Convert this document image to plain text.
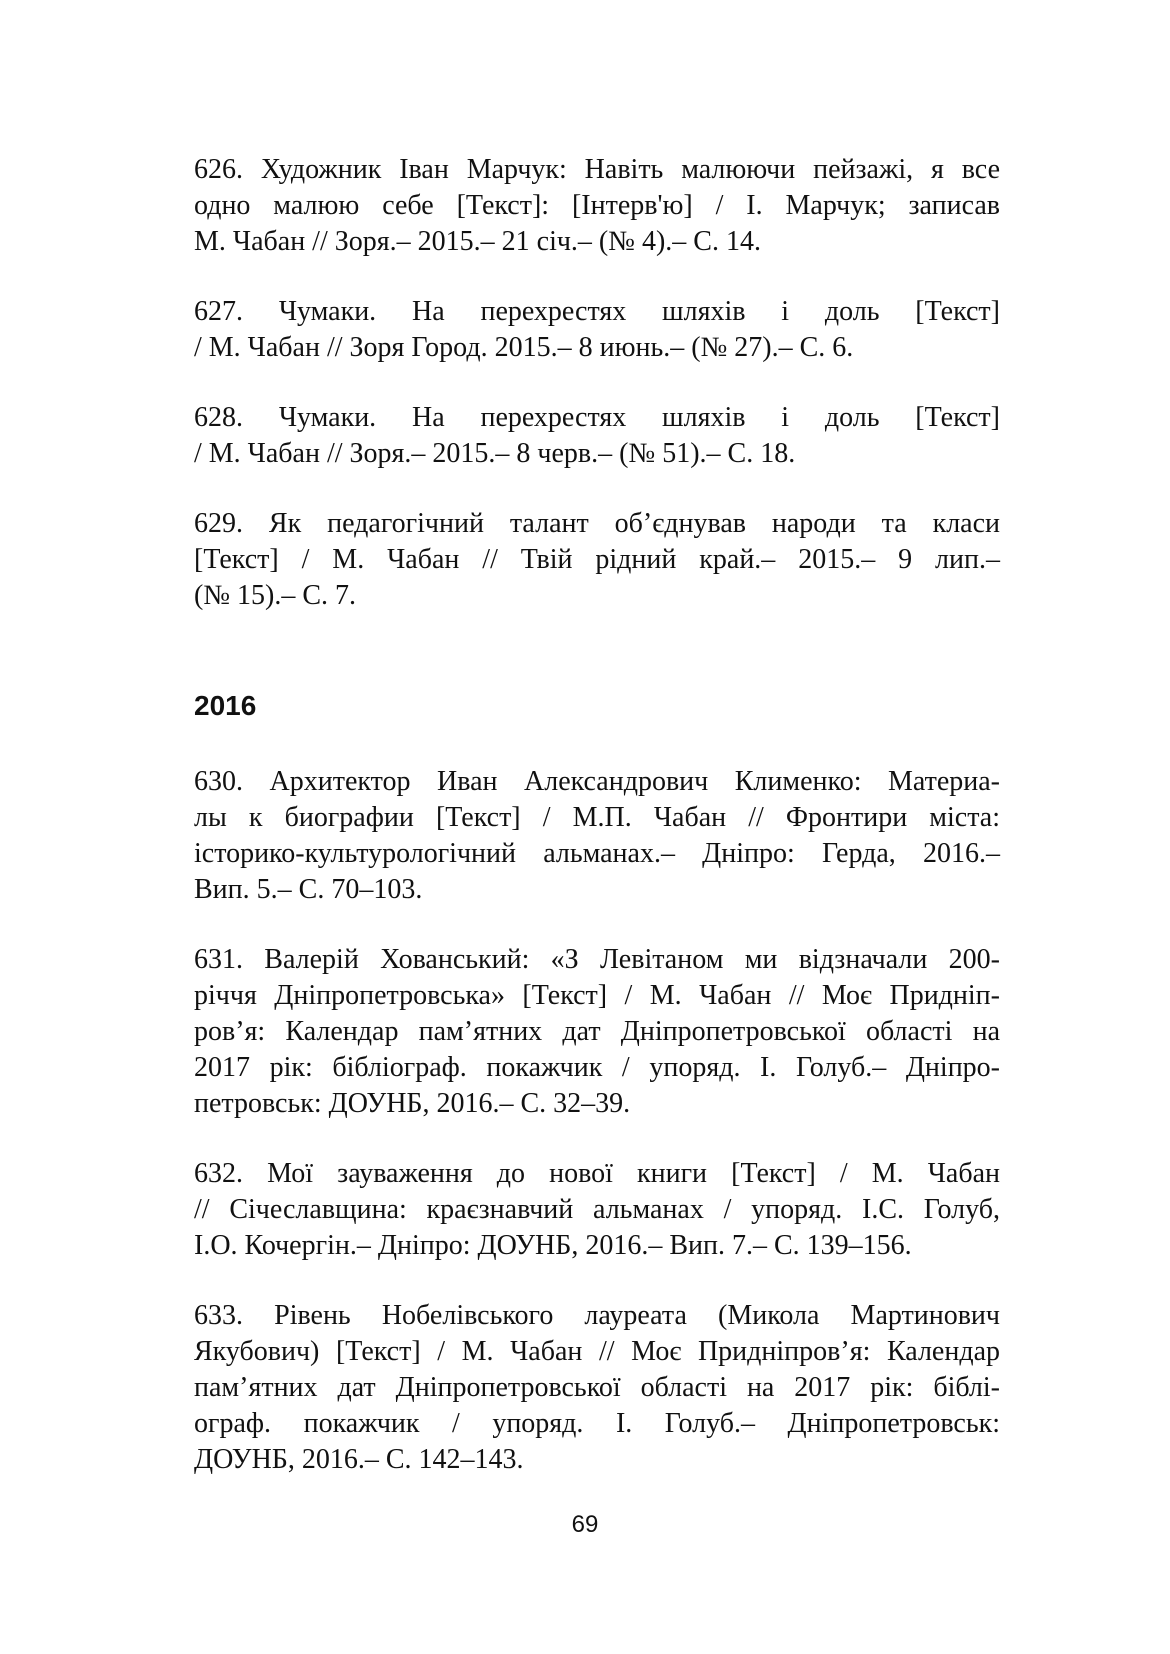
626. Художник Іван Марчук: Навіть малюючи пейзажі, я все
одно малюю себе [Текст]: [Інтерв'ю] / І. Марчук; записав
М. Чабан // Зоря.– 2015.– 21 січ.– (№ 4).– С. 14.
627. Чумаки. На перехрестях шляхів і доль [Текст]
/ М. Чабан // Зоря Город. 2015.– 8 июнь.– (№ 27).– С. 6.
628. Чумаки. На перехрестях шляхів і доль [Текст]
/ М. Чабан // Зоря.– 2015.– 8 черв.– (№ 51).– С. 18.
629. Як педагогічний талант об’єднував народи та класи
[Текст] / М. Чабан // Твій рідний край.– 2015.– 9 лип.–
(№ 15).– С. 7.
2016
630. Архитектор Иван Александрович Клименко: Материа-
лы к биографии [Текст] / М.П. Чабан // Фронтири міста:
історико-культурологічний альманах.– Дніпро: Герда, 2016.–
Вип. 5.– С. 70–103.
631. Валерій Хованський: «З Левітаном ми відзначали 200-
річчя Дніпропетровська» [Текст] / М. Чабан // Моє Придніп-
ров’я: Календар пам’ятних дат Дніпропетровської області на
2017 рік: бібліограф. покажчик / упоряд. І. Голуб.– Дніпро-
петровськ: ДОУНБ, 2016.– С. 32–39.
632. Мої зауваження до нової книги [Текст] / М. Чабан
// Січеславщина: краєзнавчий альманах / упоряд. І.С. Голуб,
І.О. Кочергін.– Дніпро: ДОУНБ, 2016.– Вип. 7.– С. 139–156.
633. Рівень Нобелівського лауреата (Микола Мартинович
Якубович) [Текст] / М. Чабан // Моє Придніпров’я: Календар
пам’ятних дат Дніпропетровської області на 2017 рік: біблі-
ограф. покажчик / упоряд. І. Голуб.– Дніпропетровськ:
ДОУНБ, 2016.– С. 142–143.
69
